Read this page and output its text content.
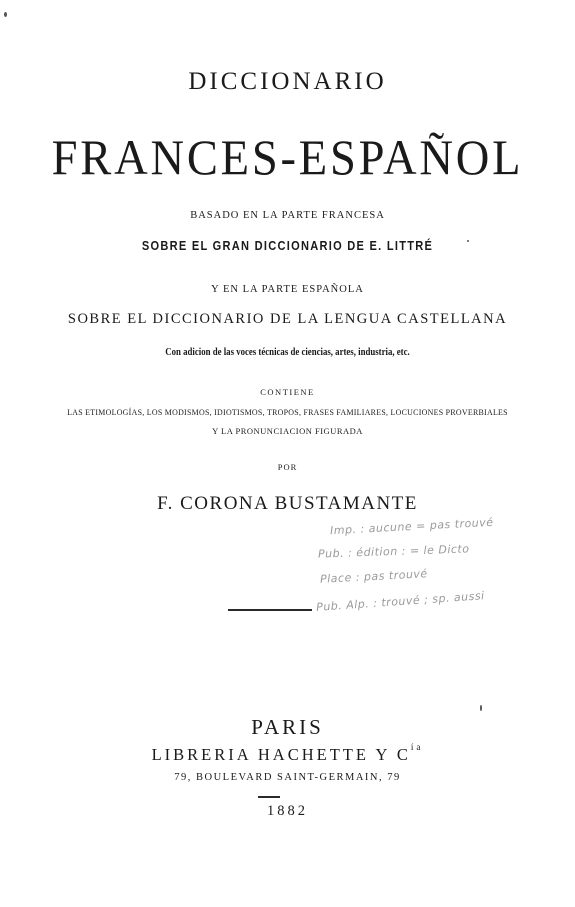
DICCIONARIO
FRANCES-ESPAÑOL
BASADO EN LA PARTE FRANCESA
SOBRE EL GRAN DICCIONARIO DE E. LITTRÉ
Y EN LA PARTE ESPAÑOLA
SOBRE EL DICCIONARIO DE LA LENGUA CASTELLANA
Con adicion de las voces técnicas de ciencias, artes, industria, etc.
CONTIENE
LAS ETIMOLOGÍAS, LOS MODISMOS, IDIOTISMOS, TROPOS, FRASES FAMILIARES, LOCUCIONES PROVERBIALES
Y LA PRONUNCIACION FIGURADA
POR
F. CORONA BUSTAMANTE
Imp. : aucune = pas trouvé
Pub. : édition : = le Dicto
Place : pas trouvé
Pub. Alp. : trouvé ; sp. aussi
PARIS
LIBRERIA HACHETTE Y $C^{ía}$
79, BOULEVARD SAINT-GERMAIN, 79
1882
